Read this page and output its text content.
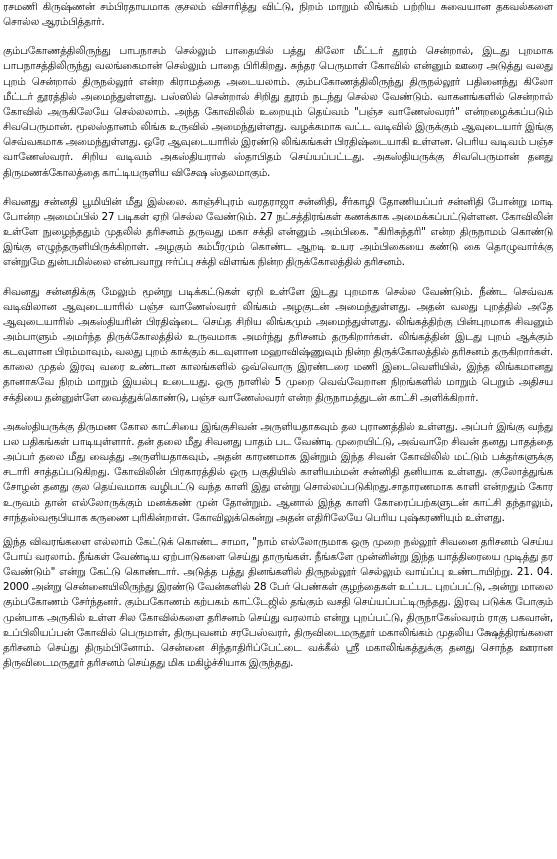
ரசமணி கிருஷ்ணன் சம்பிரதாயமாக குசலம் விசாரித்து விட்டு, நிறம் மாறும் லிங்கம் பற்றிய சுவையான தகவல்களை சொல்ல ஆரம்பித்தார்.

கும்பகோணத்திலிருந்து பாபநாசம் செல்லும் பாதையில் பத்து கிலோ மீட்டர் தூரம் சென்றால், இடது புறமாக பாபநாசத்திலிருந்து வலங்கைமான் செல்லும் பாதை பிரிகிறது. சுந்தர பெருமாள் கோவில் என்னும் ஊரை அடுத்து வலது புறம் சென்றால் திருநல்லூர் என்ற கிராமத்தை அடையலாம். கும்பகோணத்திலிருந்து திருநல்லூர் பதினைந்து கிலோ மீட்டர் தூரத்தில் அமைந்துள்ளது. பஸ்ஸில் சென்றால் சிறிது தூரம் நடந்து செல்ல வேண்டும். வாகனங்களில் சென்றால் கோவில் அருகிலேயே செல்லலாம். அந்த கோவிலில் உறையும் தெய்வம் "பஞ்ச வாணேஸ்வரர்" என்றழைக்கப்படும் சிவபெருமான். மூலஸ்தானம் லிங்க உருவில் அமைந்துள்ளது. வழக்கமாக வட்ட வடிவில் இருக்கும் ஆவுடையார் இங்கு செவ்வகமாக அமைந்துள்ளது. ஒரே ஆவுடையாரில் இரண்டு லிங்கங்கள் பிரதிஷ்டையாகி உள்ளன. பெரிய வடிவம் பஞ்ச வாணேஸ்வரர். சிறிய வடிவம் அகஸ்தியரால் ஸ்தாபிதம் செய்யப்பட்டது. அகஸ்தியருக்கு சிவபெருமான் தனது திருமணக்கோலத்தை காட்டியருளிய விசேஷ ஸ்தலமாகும்.

சிவனது சன்னதி பூமியின் மீது இல்லை. காஞ்சிபுரம் வரதராஜா சன்னிதி, சீர்காழி தோணியப்பர் சன்னிதி போன்று மாடி போன்ற அமைப்பில் 27 படிகள் ஏறி செல்ல வேண்டும். 27 நட்சத்திரங்கள் கணக்காக அமைக்கப்பட்டுள்ளன. கோவிலின் உள்ளே நுழைந்ததும் முதலில் தரிசனம் தருவது மகா சக்தி என்னும் அம்பிகை. "கிரிசுந்தரி" என்ற திருநாமம் கொண்டு இங்கு எழுந்தருளியிருக்கிறாள். அழகும் கம்பீரமும் கொண்ட ஆறடி உயர அம்பிகையை கண்டு கை தொழுவார்க்கு என்றுமே துன்பமில்லை என்பவாறு ஈர்ப்பு சக்தி விளங்க நின்ற திருக்கோலத்தில் தரிசனம்.

சிவனது சன்னதிக்கு மேலும் மூன்று படிக்கட்டுகள் ஏறி உள்ளே இடது புறமாக செல்ல வேண்டும். நீண்ட செவ்வக வடிவிலான ஆவுடையாரில் பஞ்ச வாணேஸ்வரர் லிங்கம் அழகுடன் அமைந்துள்ளது. அதன் வலது புறத்தில் அதே ஆவுடையாரில் அகஸ்தியரின் பிரதிஷ்டை செய்த சிறிய லிங்கமும் அமைந்துள்ளது. லிங்கத்திற்கு பின்புறமாக சிவனும் அம்பாளும் அமர்ந்த திருக்கோலத்தில் உருவமாக அமர்ந்து தரிசனம் தருகிறார்கள். லிங்கத்தின் இடது புறம் ஆக்கும் கடவுளான பிரம்மாவும், வலது புறம் காக்கும் கடவுளான மஹாவிஷ்ணுவும் நின்ற திருக்கோலத்தில் தரிசனம் தருகிறார்கள். காலை முதல் இரவு வரை உண்டான காலங்களில் ஒவ்வொரு இரண்டரை மணி இடைவெளியில், இந்த லிங்கமானது தானாகவே நிறம் மாறும் இயல்பு உடையது. ஒரு நாளில் 5 முறை வெவ்வேறான நிறங்களில் மாறும் பெறும் அதிசய சக்தியை தன்னுள்ளே வைத்துக்கொண்டு, பஞ்ச வாணேஸ்வரர் என்ற திருநாமத்துடன் காட்சி அளிக்கிறார்.

அகஸ்தியருக்கு திருமண கோல காட்சியை இங்குசிவன் அருளியதாகவும் தல புராணத்தில் உள்ளது. அப்பர் இங்கு வந்து பல பதிகங்கள் பாடியுள்ளார். தன் தலை மீது சிவனது பாதம் பட வேண்டி முறையிட்டு, அவ்வாறே சிவன் தனது பாதத்தை அப்பர் தலை மீது வைத்து அருளியதாகவும், அதன் காரணமாக இன்றும் இந்த சிவன் கோவிலில் மட்டும் பக்தர்களுக்கு சடாரி சாத்தப்படுகிறது. கோவிலின் பிரகாரத்தில் ஒரு பகுதியில் காளியம்மன் சன்னிதி தனியாக உள்ளது. குலோத்துங்க சோழன் தனது குல தெய்வமாக வழிபட்டு வந்த காளி இது என்று சொல்லப்படுகிறது.சாதாரணமாக காளி என்றதும் கோர உருவம் தான் எல்லோருக்கும் மனக்கண் முன் தோன்றும். ஆனால் இந்த காளி கோரைப்பற்களுடன் காட்சி தந்தாலும், சாந்தஸ்வரூபியாக கருணை புரிகின்றாள். கோவிலுக்கென்று அதன் எதிரிலேயே பெரிய புஷ்கரணியும் உள்ளது.

இந்த விவரங்களை எல்லாம் கேட்டுக் கொண்ட சாமா, "நாம் எல்லோருமாக ஒரு முறை நல்லூர் சிவனை தரிசனம் செய்ய போய் வரலாம். நீங்கள் வேண்டிய ஏற்பாடுகளை செய்து தாருங்கள். நீங்களே முன்னின்று இந்த யாத்திரையை முடித்து தர வேண்டும்" என்று கேட்டு கொண்டார். அடுத்த பத்து தினங்களில் திருநல்லூர் செல்லும் வாய்ப்பு உண்டாயிற்று. 21. 04. 2000 அன்று சென்னையிலிருந்து இரண்டு வேன்களில் 28 பேர் பெண்கள் குழந்தைகள் உட்பட புறப்பட்டு, அன்று மாலை கும்பகோணம் சேர்ந்தனர். கும்பகோணம் கற்பகம் காட்டேஜில் தங்கும் வசதி செய்யப்பட்டிருந்தது. இரவு படுக்க போகும் முன்பாக அருகில் உள்ள சில கோவில்களை தரிசனம் செய்து வரலாம் என்று புறப்பட்டு, திருநாகேஸ்வரம் ராகு பகவான், உப்பிலியப்பன் கோவில் பெருமாள், திருபுவனம் சரபேஸ்வரர், திருவிடைமருதூர் மகாலிங்கம் முதலிய க்ஷேத்திரங்களை தரிசனம் செய்து திரும்பினோம். சென்னை சிந்தாதிரிப்பேட்டை வக்கீல் ஸ்ரீ மகாலிங்கத்துக்கு தனது சொந்த ஊரான திருவிடைமருதூர் தரிசனம் செய்தது மிக மகிழ்ச்சியாக இருந்தது.
